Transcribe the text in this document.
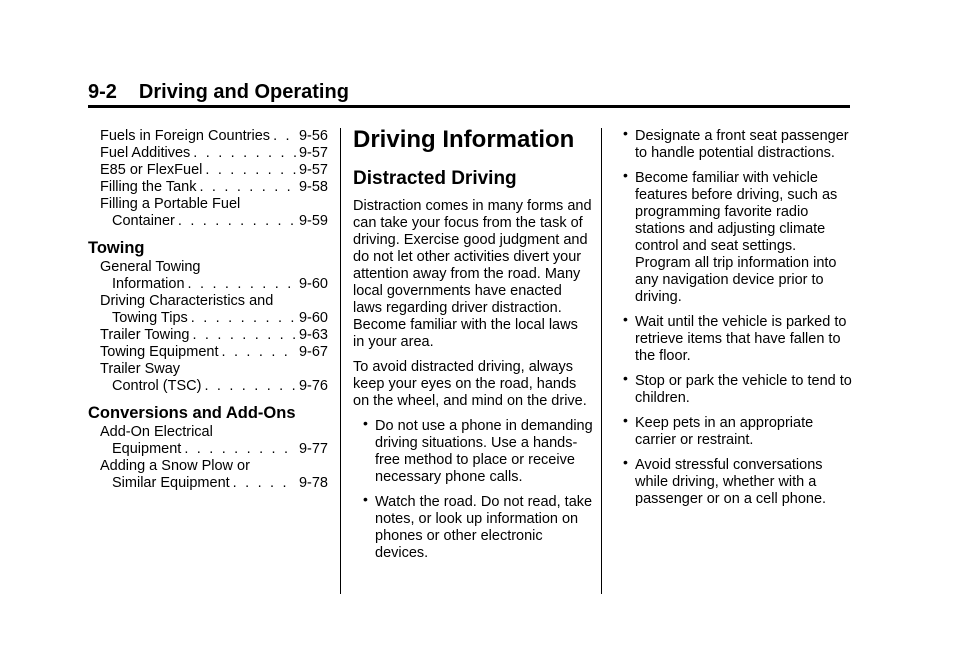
9-2 Driving and Operating
Fuels in Foreign Countries . . . 9-56
Fuel Additives . . .	9-57
E85 or FlexFuel . . .	9-57
Filling the Tank . . .	9-58
Filling a Portable Fuel
Container . . .	9-59
Towing
General Towing
Information . . .	9-60
Driving Characteristics and
Towing Tips . . .	9-60
Trailer Towing . . .	9-63
Towing Equipment . . .	9-67
Trailer Sway
Control (TSC) . . .	9-76
Conversions and Add-Ons
Add-On Electrical
Equipment . . .	9-77
Adding a Snow Plow or
Similar Equipment . . .	9-78
Driving Information
Distracted Driving

Distraction comes in many forms and can take your focus from the task of driving. Exercise good judgment and do not let other activities divert your attention away from the road. Many local governments have enacted laws regarding driver distraction. Become familiar with the local laws in your area.

To avoid distracted driving, always keep your eyes on the road, hands on the wheel, and mind on the drive.

• Do not use a phone in demanding driving situations. Use a hands-free method to place or receive necessary phone calls.
• Watch the road. Do not read, take notes, or look up information on phones or other electronic devices.
• Designate a front seat passenger to handle potential distractions.
• Become familiar with vehicle features before driving, such as programming favorite radio stations and adjusting climate control and seat settings. Program all trip information into any navigation device prior to driving.
• Wait until the vehicle is parked to retrieve items that have fallen to the floor.
• Stop or park the vehicle to tend to children.
• Keep pets in an appropriate carrier or restraint.
• Avoid stressful conversations while driving, whether with a passenger or on a cell phone.
